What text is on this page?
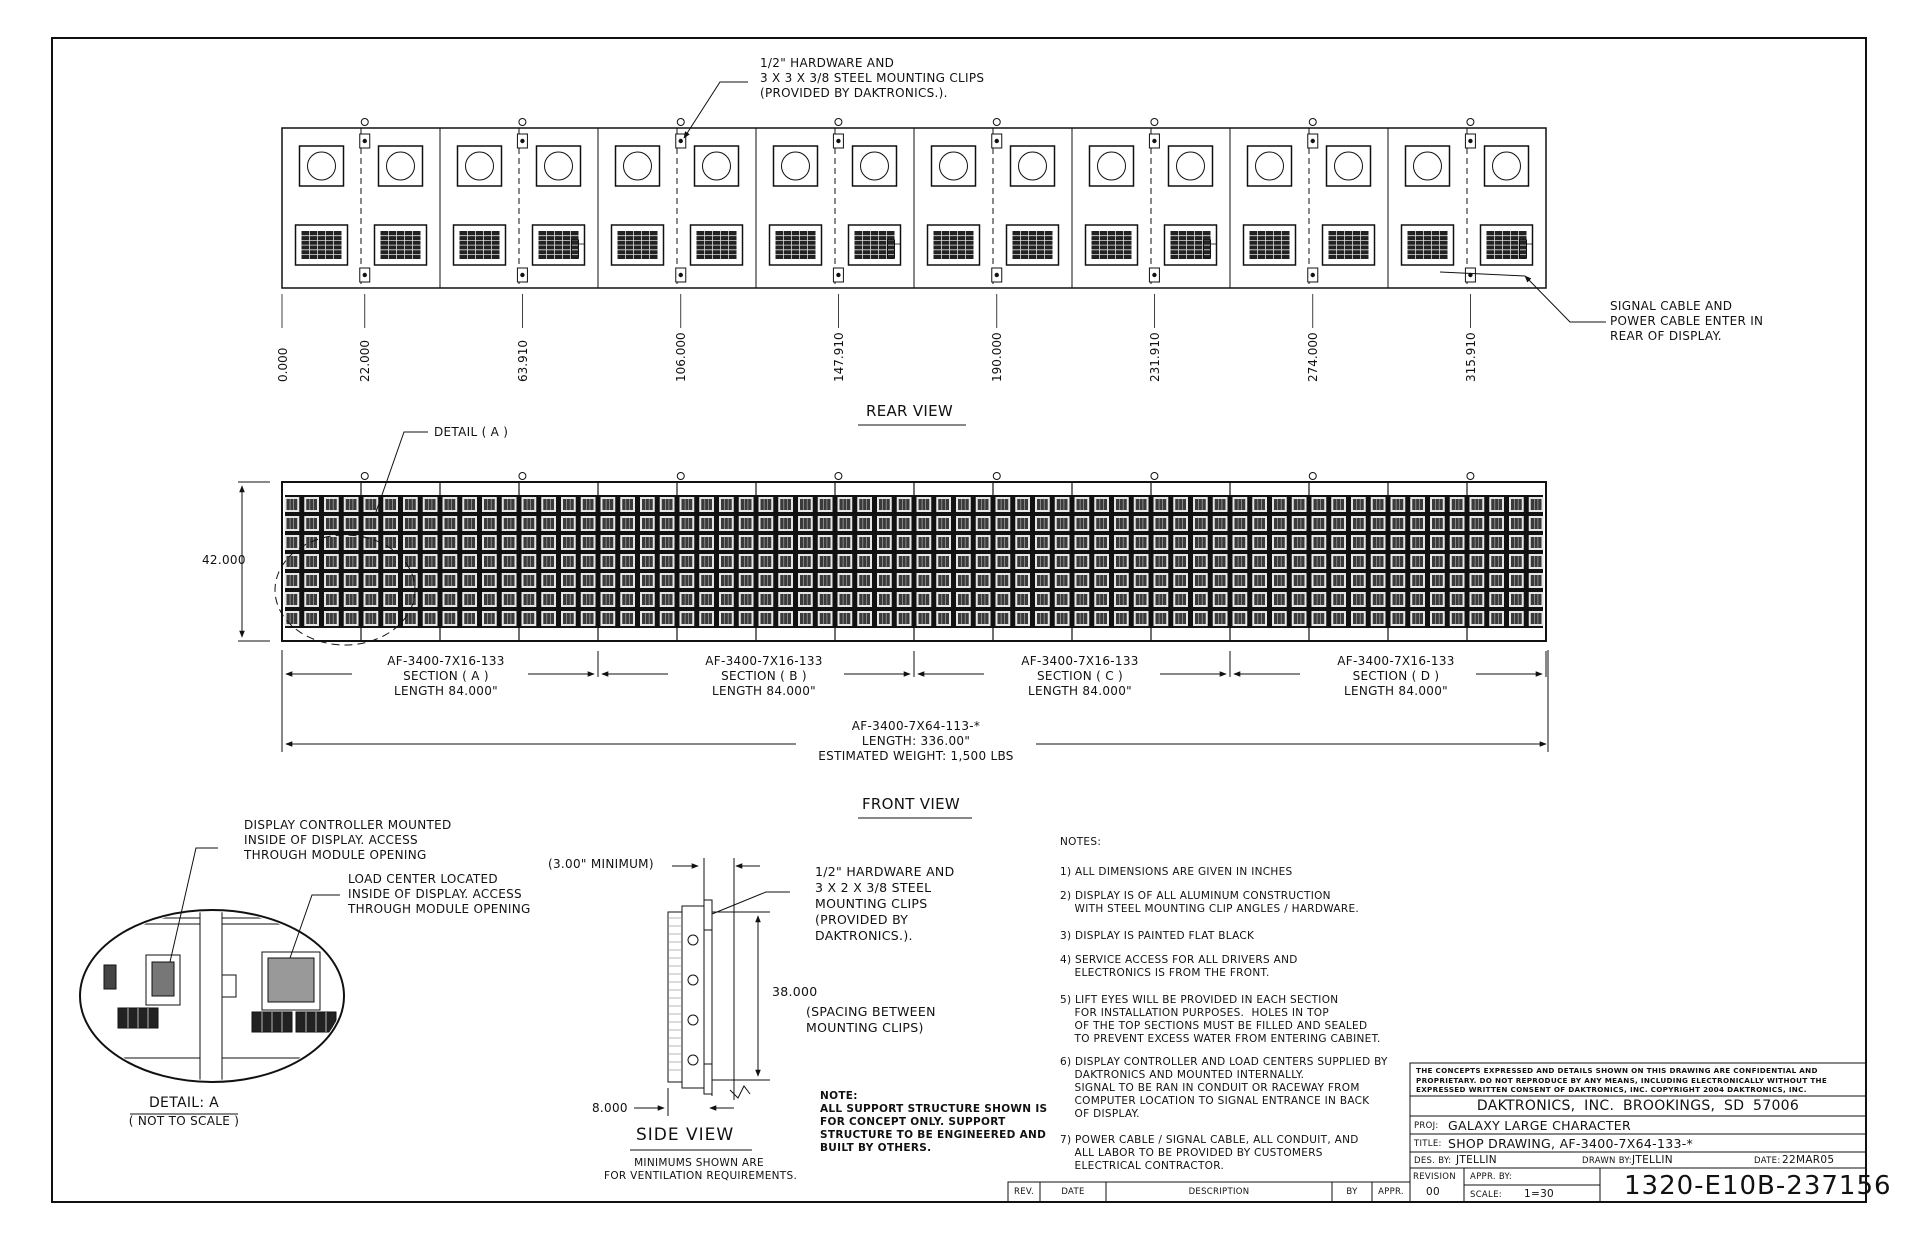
1/2" HARDWARE AND
3 X 3 X 3/8 STEEL MOUNTING CLIPS
(PROVIDED BY DAKTRONICS.).
SIGNAL CABLE AND
POWER CABLE ENTER IN
REAR OF DISPLAY.
0.000	22.000	63.910	106.000	147.910	190.000	231.910	274.000	315.910
REAR VIEW
DETAIL ( A )
42.000
AF-3400-7X16-133
SECTION ( A )
LENGTH 84.000"
AF-3400-7X16-133
SECTION ( B )
LENGTH 84.000"
AF-3400-7X16-133
SECTION ( C )
LENGTH 84.000"
AF-3400-7X16-133
SECTION ( D )
LENGTH 84.000"
AF-3400-7X64-113-*
LENGTH: 336.00"
ESTIMATED WEIGHT: 1,500 LBS
FRONT VIEW
DISPLAY CONTROLLER MOUNTED
INSIDE OF DISPLAY. ACCESS
THROUGH MODULE OPENING
LOAD CENTER LOCATED
INSIDE OF DISPLAY. ACCESS
THROUGH MODULE OPENING
DETAIL: A
( NOT TO SCALE )
(3.00" MINIMUM)	1/2" HARDWARE AND
3 X 2 X 3/8 STEEL
MOUNTING CLIPS
(PROVIDED BY
DAKTRONICS.).
38.000
(SPACING BETWEEN
MOUNTING CLIPS)
8.000
SIDE VIEW
MINIMUMS SHOWN ARE
FOR VENTILATION REQUIREMENTS.
NOTE:
ALL SUPPORT STRUCTURE SHOWN IS
FOR CONCEPT ONLY. SUPPORT
STRUCTURE TO BE ENGINEERED AND
BUILT BY OTHERS.
NOTES:
1) ALL DIMENSIONS ARE GIVEN IN INCHES
2) DISPLAY IS OF ALL ALUMINUM CONSTRUCTION
WITH STEEL MOUNTING CLIP ANGLES / HARDWARE.
3) DISPLAY IS PAINTED FLAT BLACK
4) SERVICE ACCESS FOR ALL DRIVERS AND
ELECTRONICS IS FROM THE FRONT.
5) LIFT EYES WILL BE PROVIDED IN EACH SECTION
FOR INSTALLATION PURPOSES.  HOLES IN TOP
OF THE TOP SECTIONS MUST BE FILLED AND SEALED
TO PREVENT EXCESS WATER FROM ENTERING CABINET.
6) DISPLAY CONTROLLER AND LOAD CENTERS SUPPLIED BY
DAKTRONICS AND MOUNTED INTERNALLY.
SIGNAL TO BE RAN IN CONDUIT OR RACEWAY FROM
COMPUTER LOCATION TO SIGNAL ENTRANCE IN BACK
OF DISPLAY.
7) POWER CABLE / SIGNAL CABLE, ALL CONDUIT, AND
ALL LABOR TO BE PROVIDED BY CUSTOMERS
ELECTRICAL CONTRACTOR.
REV.	DATE	DESCRIPTION	BY	APPR.
THE CONCEPTS EXPRESSED AND DETAILS SHOWN ON THIS DRAWING ARE CONFIDENTIAL AND
PROPRIETARY. DO NOT REPRODUCE BY ANY MEANS, INCLUDING ELECTRONICALLY WITHOUT THE
EXPRESSED WRITTEN CONSENT OF DAKTRONICS, INC. COPYRIGHT 2004 DAKTRONICS, INC.
DAKTRONICS, INC. BROOKINGS, SD 57006
PROJ: GALAXY LARGE CHARACTER
TITLE: SHOP DRAWING, AF-3400-7X64-133-*
DES. BY: JTELLIN	DRAWN BY: JTELLIN	DATE: 22MAR05
REVISION
00
APPR. BY:
SCALE: 1=30	1320-E10B-237156
